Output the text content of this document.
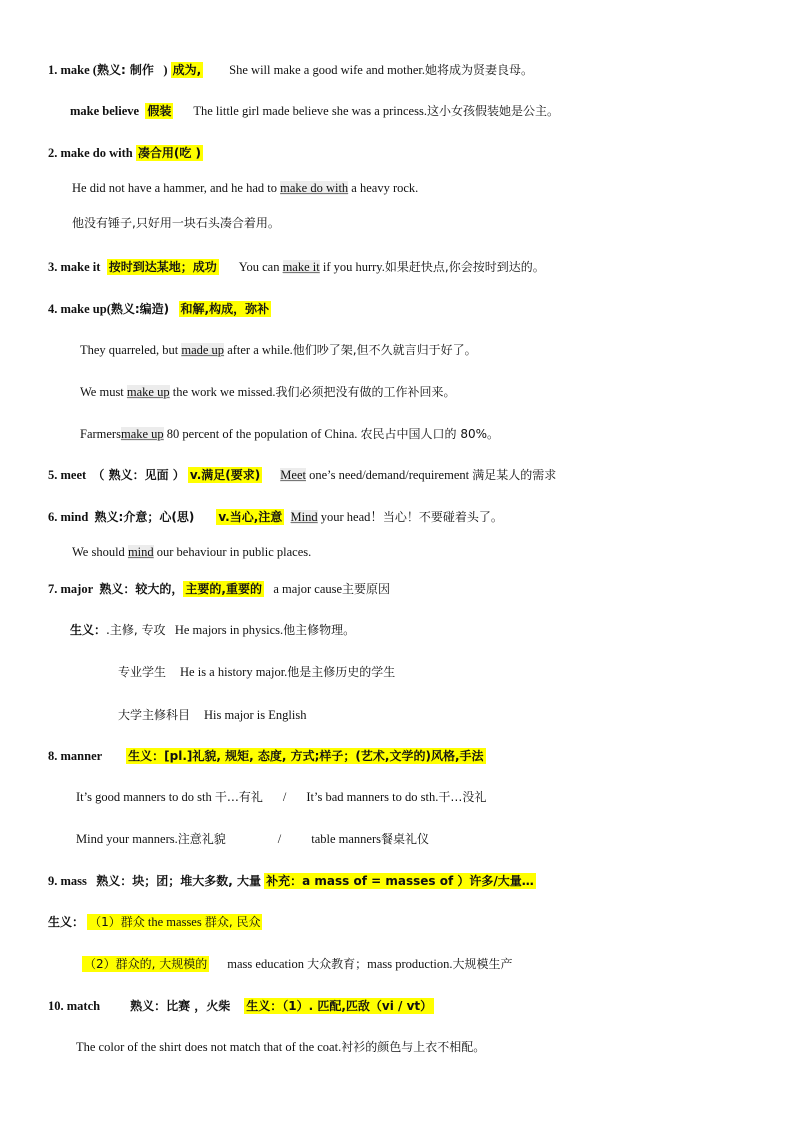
1. make (熟义: 制作 ) 成为, She will make a good wife and mother.她将成为贤妻良母。
make believe 假装 The little girl made believe she was a princess.这小女孩假装她是公主。
2. make do with 凑合用(吃 )
He did not have a hammer, and he had to make do with a heavy rock.
他没有锤子,只好用一块石头凑合着用。
3. make it 按时到达某地；成功 You can make it if you hurry.如果赶快点,你会按时到达的。
4. make up(熟义:编造) 和解,构成，弥补
They quarreled, but made up after a while.他们吵了架,但不久就言归于好了。
We must make up the work we missed.我们必须把没有做的工作补回来。
Farmersmake up 80 percent of the population of China. 农民占中国人口的 80%。
5. meet （ 熟义：见面 ） v.满足(要求) Meet one’s need/demand/requirement 满足某人的需求
6. mind 熟义:介意；心(思) v.当心,注意 Mind your head！当心！不要碰着头了。
We should mind our behaviour in public places.
7. major 熟义：较大的， 主要的,重要的 a major cause主要原因
生义：.主修, 专攻 He majors in physics.他主修物理。
专业学生 He is a history major.他是主修历史的学生
大学主修科目 His major is English
8. manner 生义：[pl.]礼貌, 规矩, 态度, 方式;样子；(艺术,文学的)风格,手法
It’s good manners to do sth 干…有礼 / It’s bad manners to do sth.干…没礼
Mind your manners.注意礼貌	/ table manners餐桌礼仪
9. mass 熟义：块；团；堆大多数, 大量 补充：a mass of = masses of ）许多/大量…
生义： （1）群众 the masses 群众, 民众
（2）群众的, 大规模的 mass education 大众教育；mass production.大规模生产
10. match	熟义：比赛 ，火柴 生义：（1）. 匹配,匹敌（vi / vt）
The color of the shirt does not match that of the coat.衬衫的颜色与上衣不相配。
